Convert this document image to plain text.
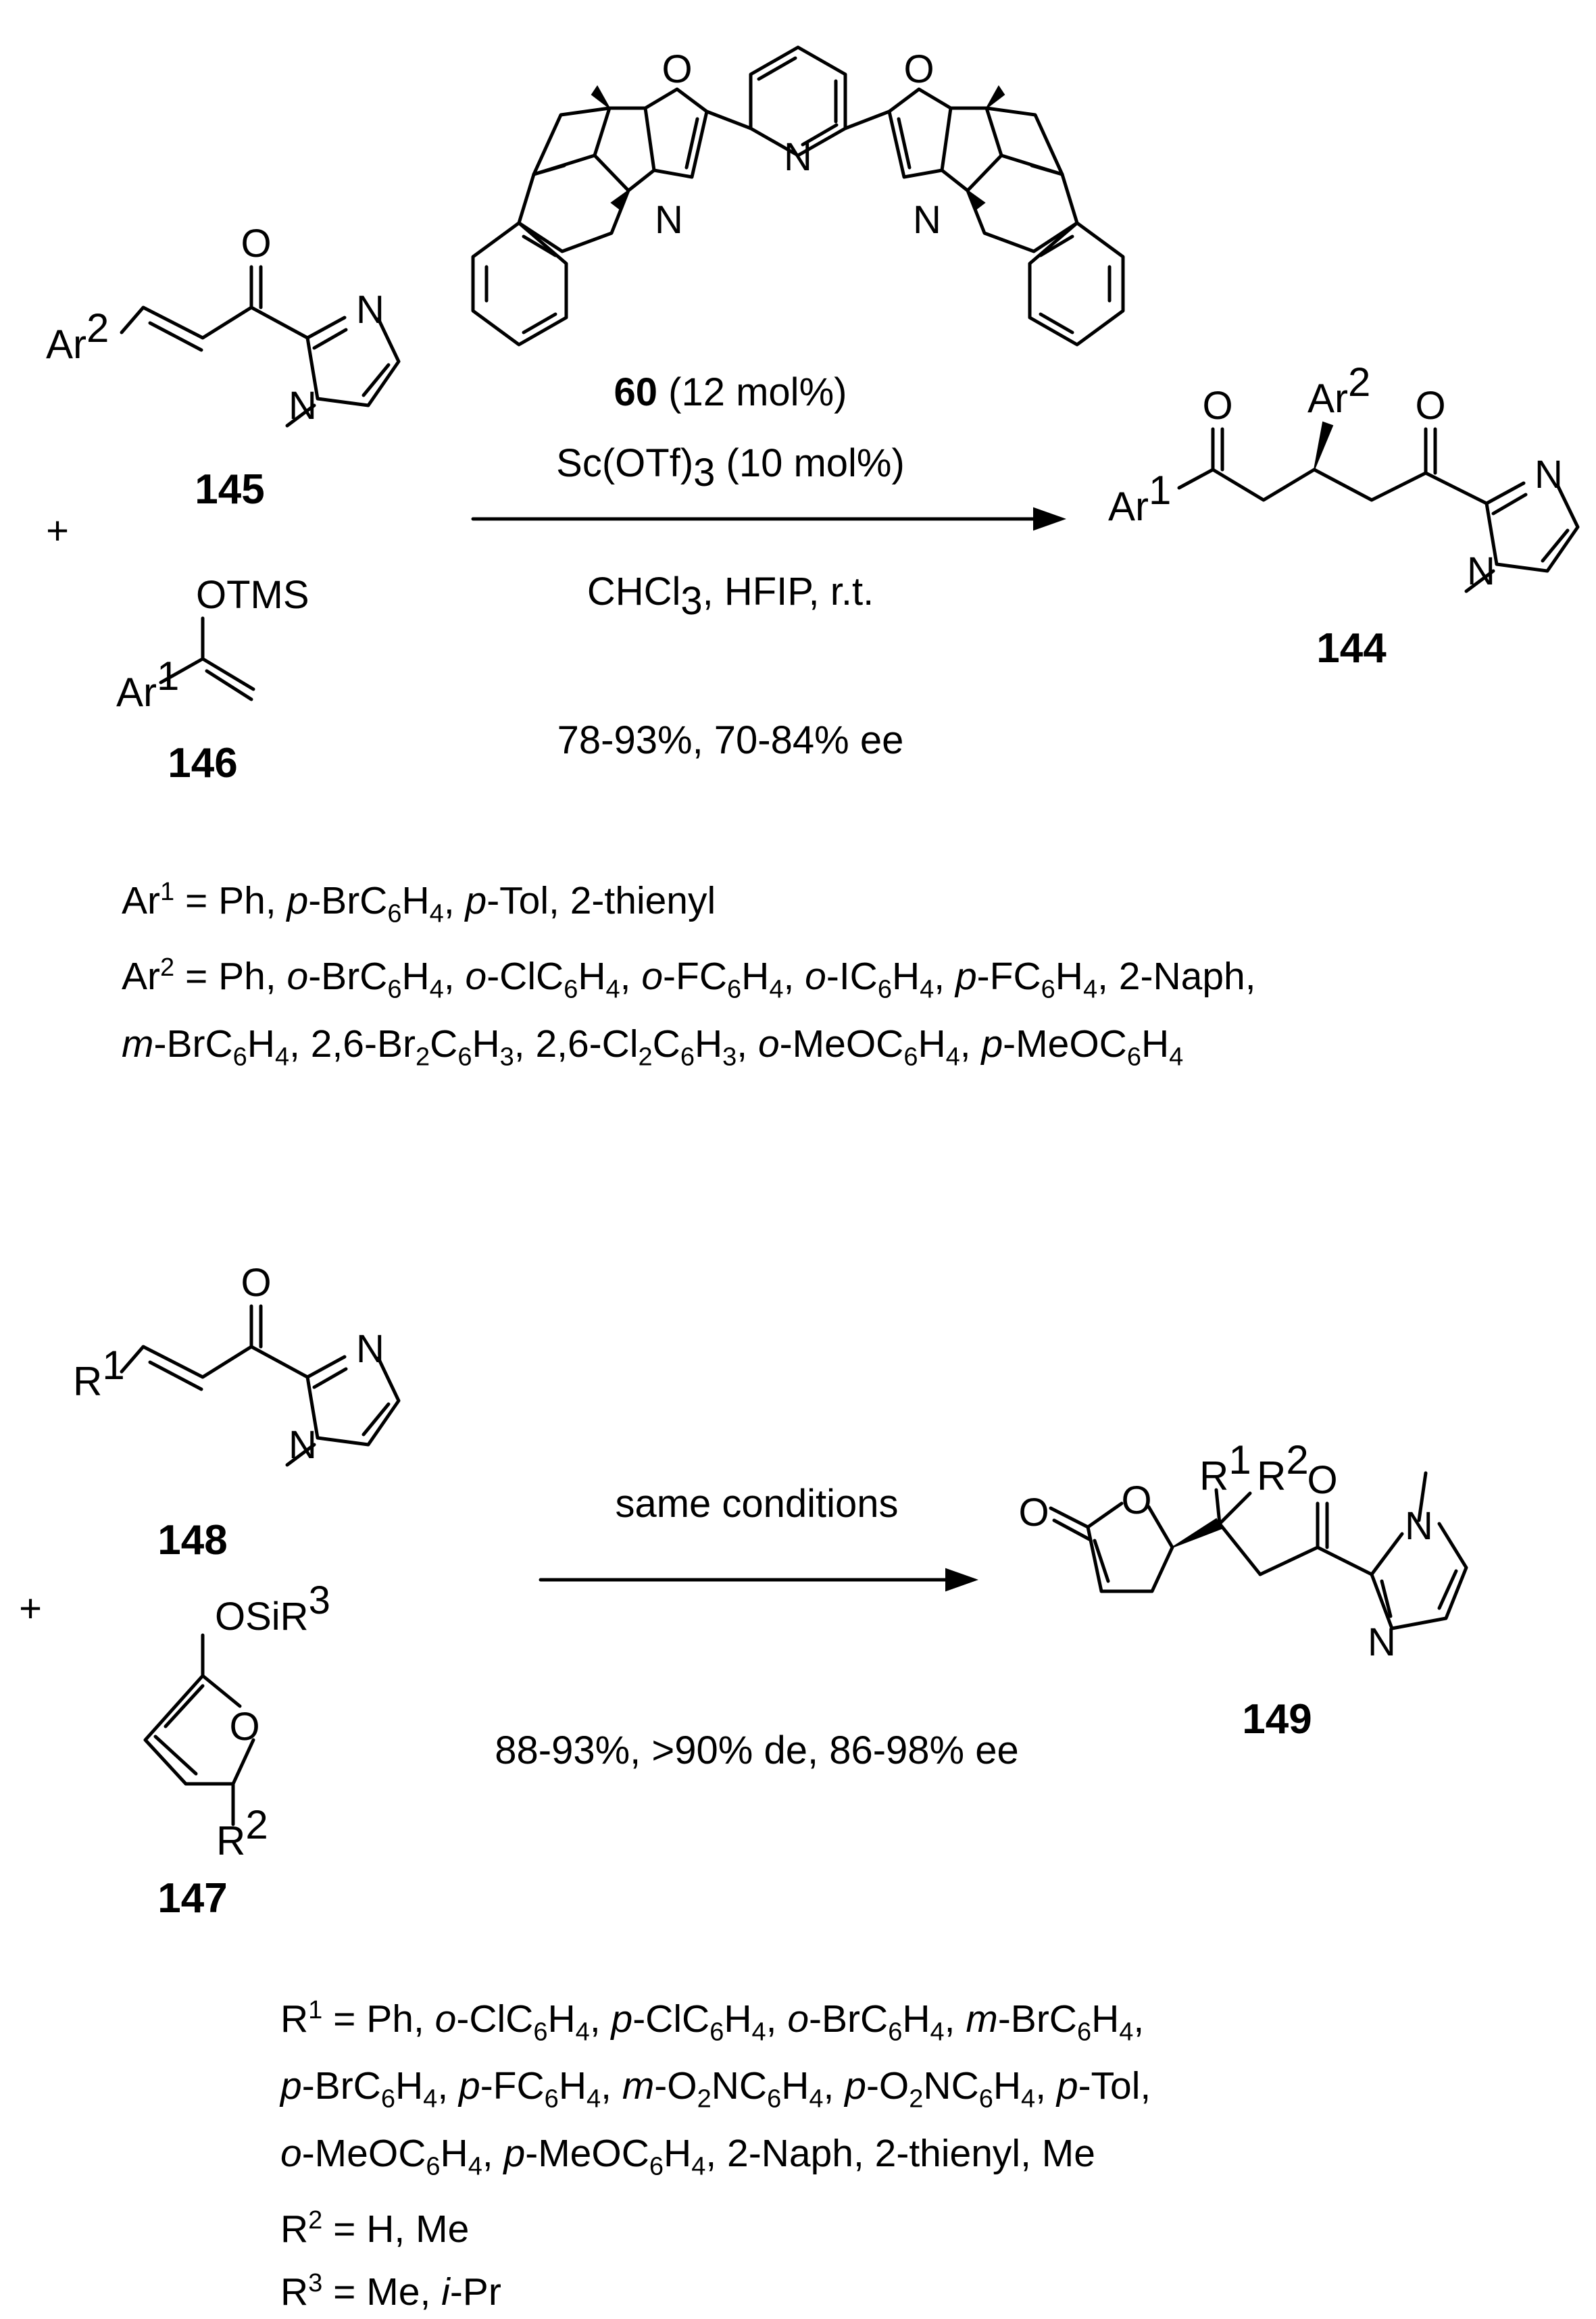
N
O
N
O
N
Ar2
O
N
N
145
+
OTMS
Ar1
146
60 (12 mol%)
Sc(OTf)3 (10 mol%)
CHCl3, HFIP, r.t.
78-93%, 70-84% ee
Ar1
O	O
Ar2
N
N
144
R1
O
N
N
148
+	OSiR3
O
R2
147
same conditions
88-93%, >90% de, 86-98% ee
O O
R1 R2
O
N
N
149
$Ar^1 = Ph$, $p-BrC_6H_4$, p-Tol, 2-thienyl
$Ar^2 = Ph$, $o-BrC_6H_4$, $o-ClC_6H_4$, $o-FC_6H_4$, $o-IC_6H_4$, $p-FC_6H_4$, 2-Naph,
$m-BrC_6H_4$, $2,6-Br_2C_6H_3$, $2,6-Cl_2C_6H_3$, $o-MeOC_6H_4$, $p-MeOC_6H_4$
$R^1 = Ph$, $o-ClC_6H_4$, $p-ClC_6H_4$, $o-BrC_6H_4$, $m-BrC_6H_4$,
$p-BrC_6H_4$, $p-FC_6H_4$, $m-O_2NC_6H_4$, $p-O_2NC_6H_4$, p-Tol,
$o-MeOC_6H_4$, $p-MeOC_6H_4$, 2-Naph, 2-thienyl, Me
$R^2 = H$, Me
$R^3 = Me$, i-Pr
